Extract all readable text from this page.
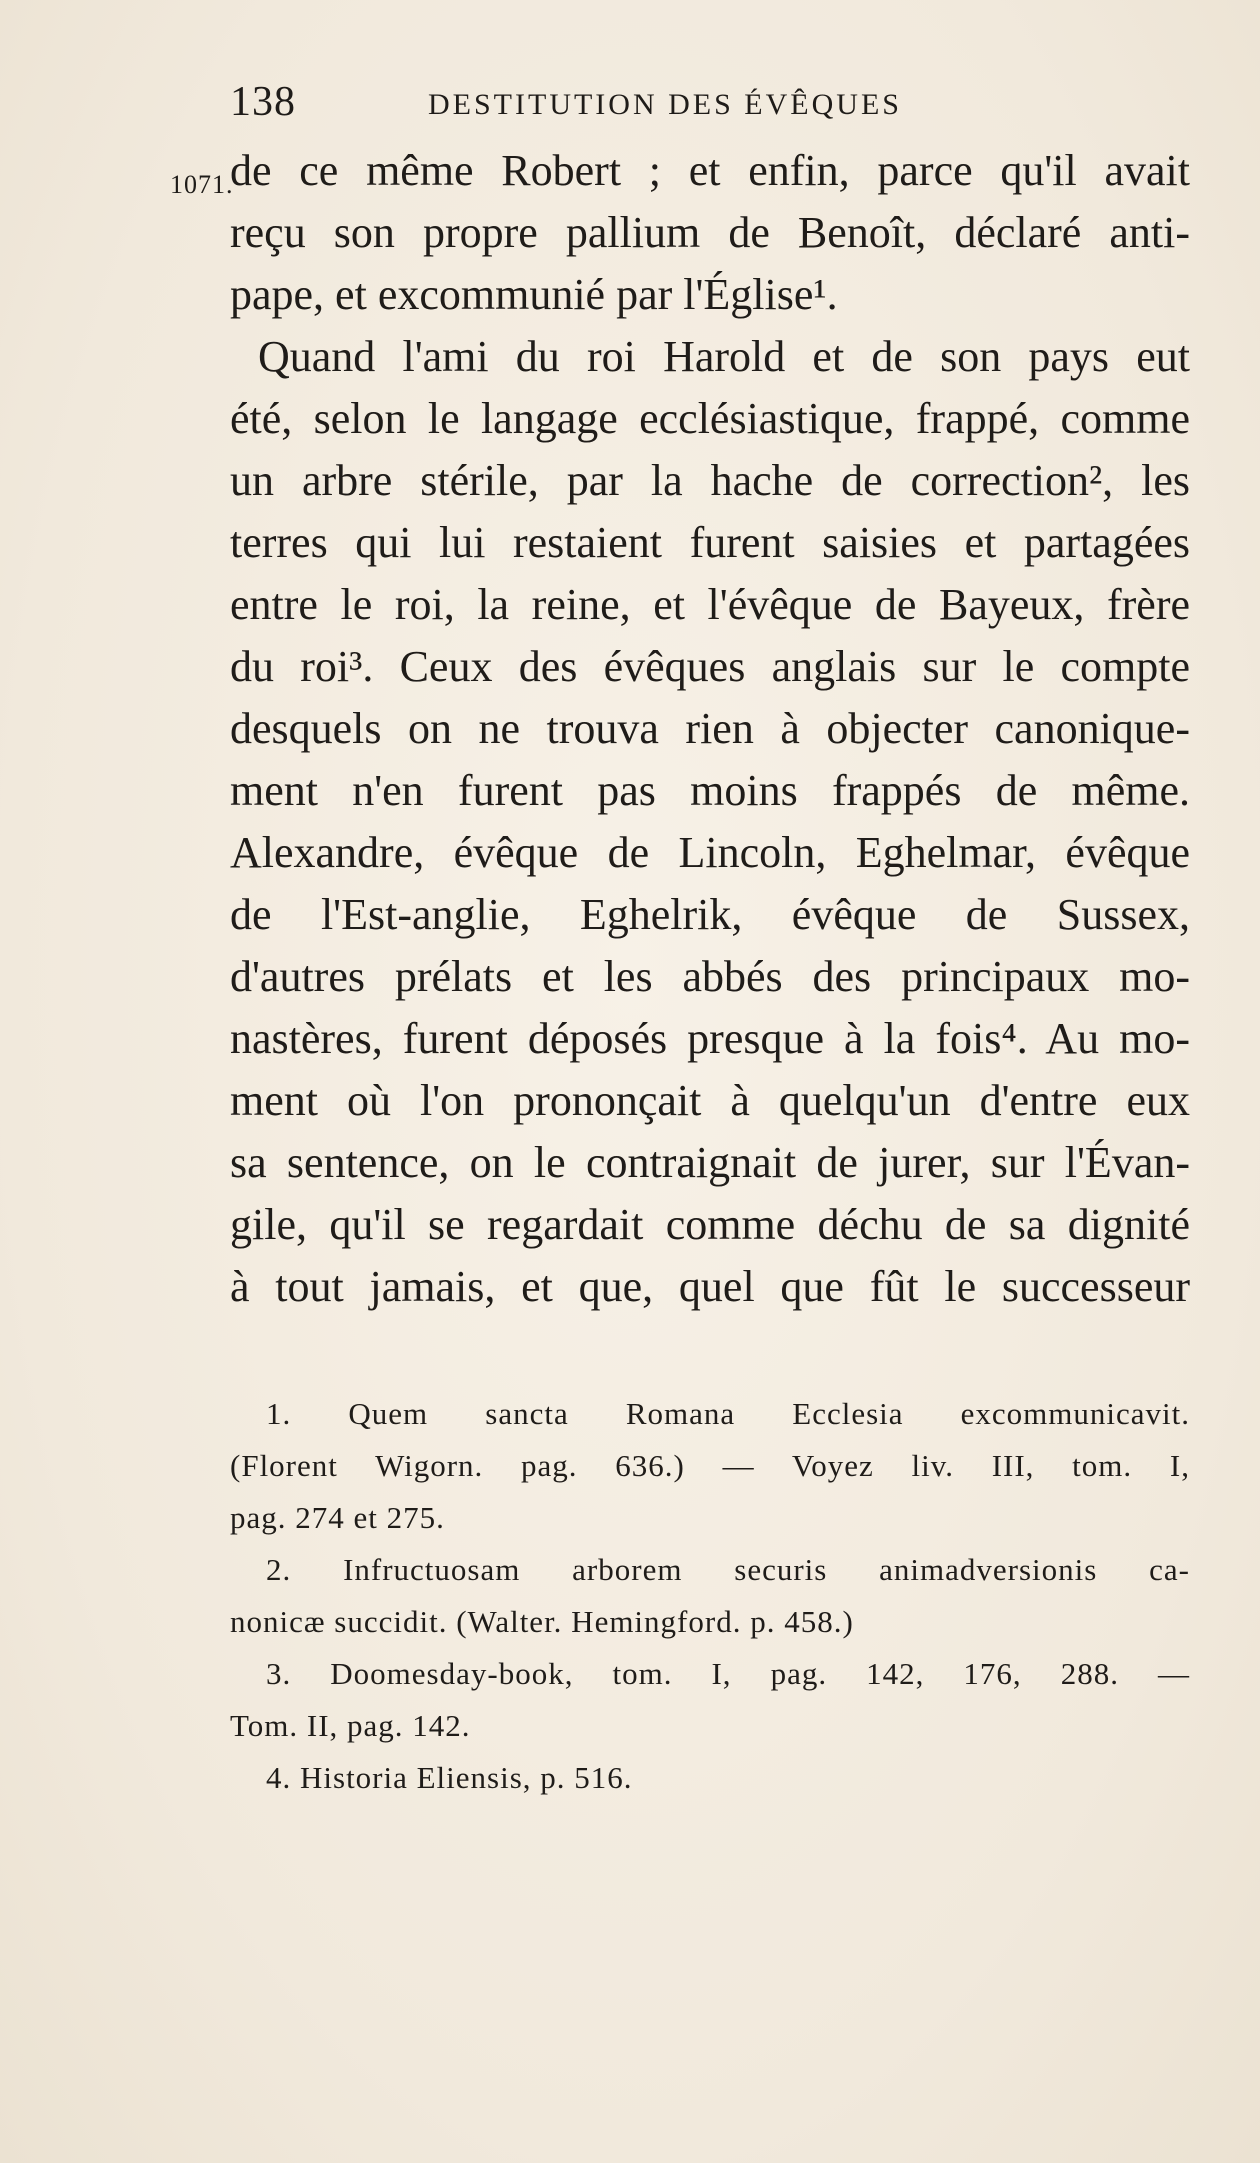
138	DESTITUTION DES ÉVÊQUES
1071.
de ce même Robert ; et enfin, parce qu'il avait
reçu son propre pallium de Benoît, déclaré anti-
pape, et excommunié par l'Église¹.
Quand l'ami du roi Harold et de son pays eut
été, selon le langage ecclésiastique, frappé, comme
un arbre stérile, par la hache de correction², les
terres qui lui restaient furent saisies et partagées
entre le roi, la reine, et l'évêque de Bayeux, frère
du roi³. Ceux des évêques anglais sur le compte
desquels on ne trouva rien à objecter canonique-
ment n'en furent pas moins frappés de même.
Alexandre, évêque de Lincoln, Eghelmar, évêque
de l'Est-anglie, Eghelrik, évêque de Sussex,
d'autres prélats et les abbés des principaux mo-
nastères, furent déposés presque à la fois⁴. Au mo-
ment où l'on prononçait à quelqu'un d'entre eux
sa sentence, on le contraignait de jurer, sur l'Évan-
gile, qu'il se regardait comme déchu de sa dignité
à tout jamais, et que, quel que fût le successeur
1. Quem sancta Romana Ecclesia excommunicavit.
(Florent Wigorn. pag. 636.) — Voyez liv. III, tom. I,
pag. 274 et 275.
2. Infructuosam arborem securis animadversionis ca-
nonicæ succidit. (Walter. Hemingford. p. 458.)
3. Doomesday-book, tom. I, pag. 142, 176, 288. —
Tom. II, pag. 142.
4. Historia Eliensis, p. 516.
